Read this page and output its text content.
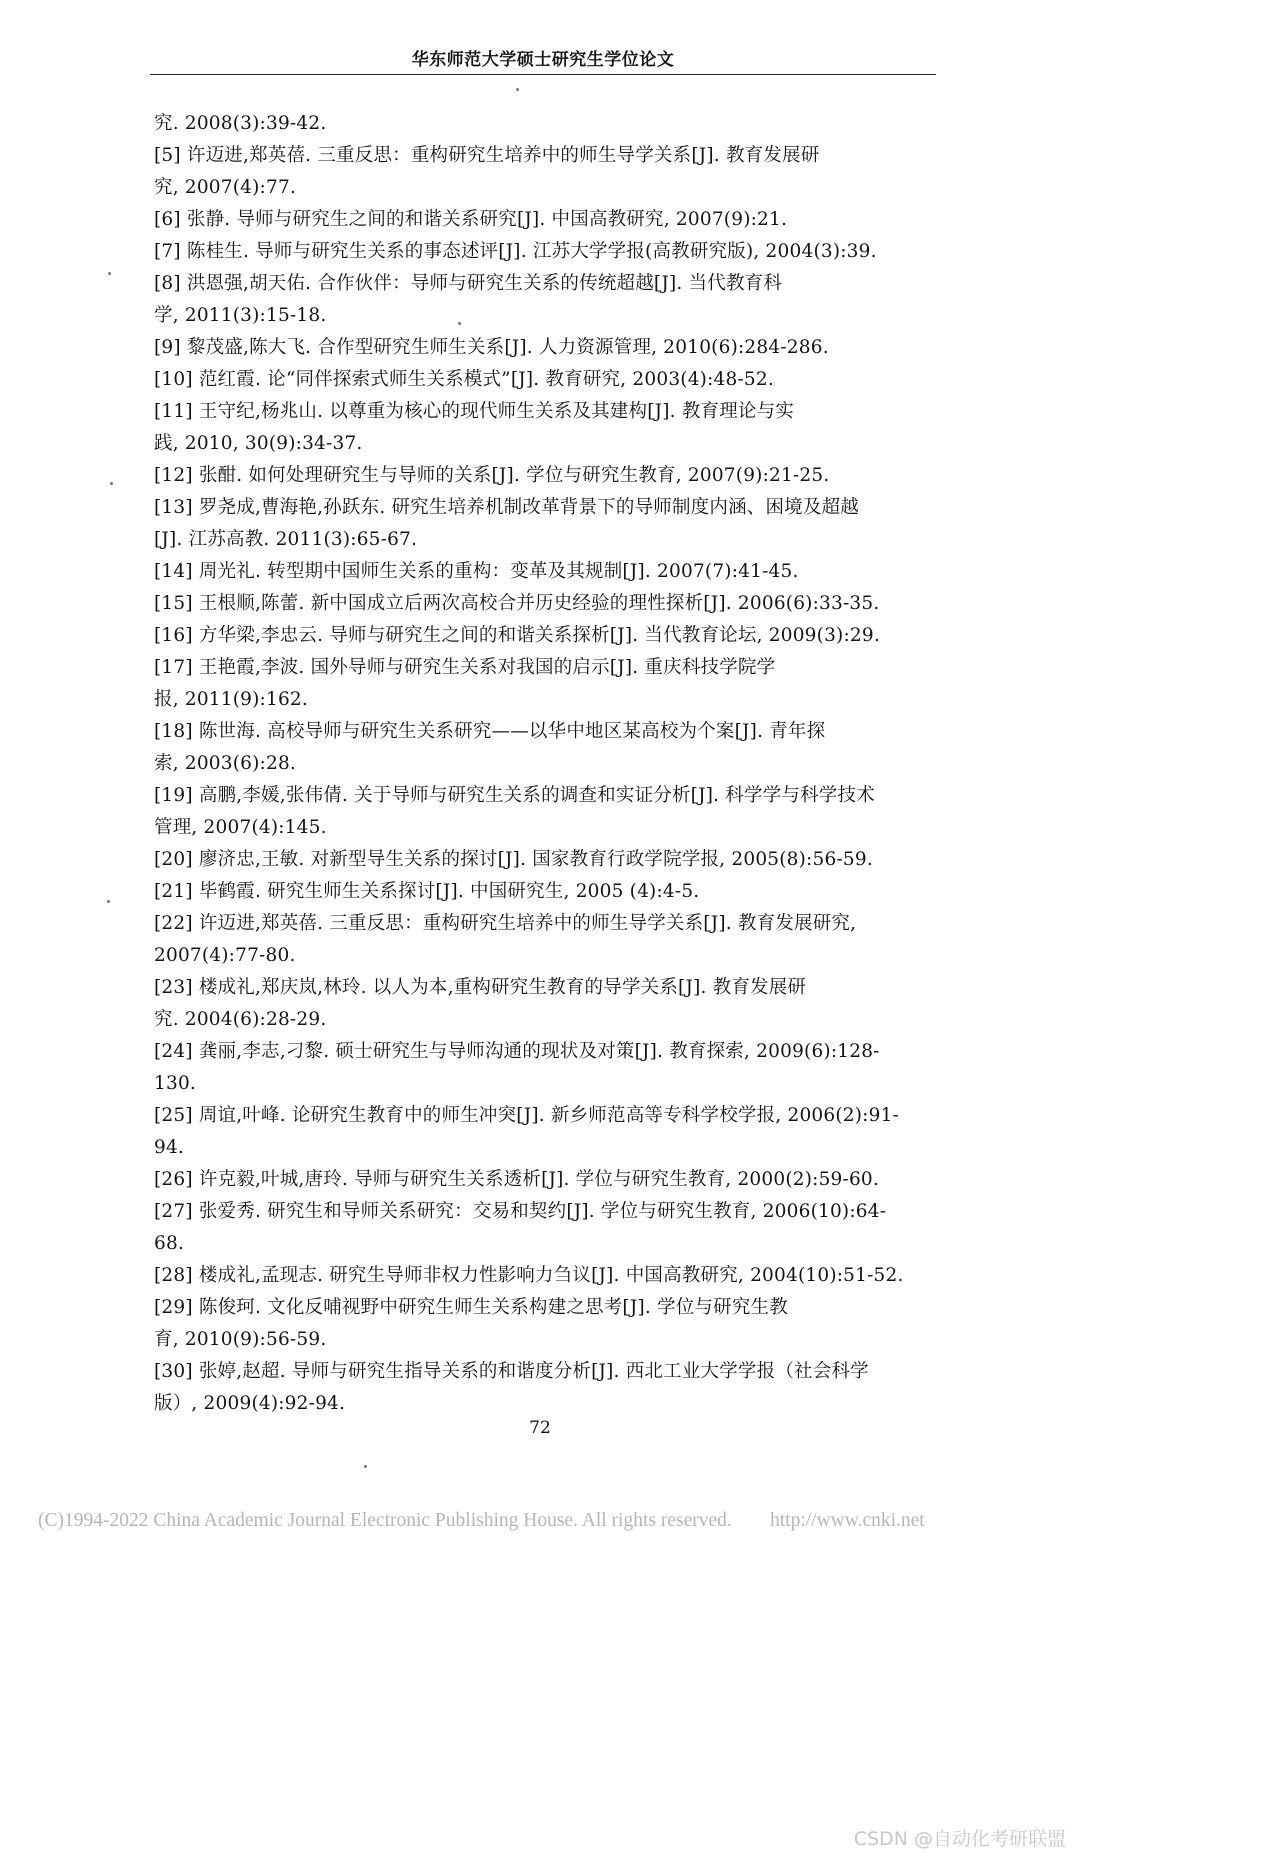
华东师范大学硕士研究生学位论文
究. 2008(3):39-42.
[5] 许迈进,郑英蓓. 三重反思：重构研究生培养中的师生导学关系[J]. 教育发展研
究, 2007(4):77.
[6] 张静. 导师与研究生之间的和谐关系研究[J]. 中国高教研究, 2007(9):21.
[7] 陈桂生. 导师与研究生关系的事态述评[J]. 江苏大学学报(高教研究版), 2004(3):39.
[8] 洪恩强,胡天佑. 合作伙伴：导师与研究生关系的传统超越[J]. 当代教育科
学, 2011(3):15-18.
[9] 黎茂盛,陈大飞. 合作型研究生师生关系[J]. 人力资源管理, 2010(6):284-286.
[10] 范红霞. 论“同伴探索式师生关系模式”[J]. 教育研究, 2003(4):48-52.
[11] 王守纪,杨兆山. 以尊重为核心的现代师生关系及其建构[J]. 教育理论与实
践, 2010, 30(9):34-37.
[12] 张酣. 如何处理研究生与导师的关系[J]. 学位与研究生教育, 2007(9):21-25.
[13] 罗尧成,曹海艳,孙跃东. 研究生培养机制改革背景下的导师制度内涵、困境及超越
[J]. 江苏高教. 2011(3):65-67.
[14] 周光礼. 转型期中国师生关系的重构：变革及其规制[J]. 2007(7):41-45.
[15] 王根顺,陈蕾. 新中国成立后两次高校合并历史经验的理性探析[J]. 2006(6):33-35.
[16] 方华梁,李忠云. 导师与研究生之间的和谐关系探析[J]. 当代教育论坛, 2009(3):29.
[17] 王艳霞,李波. 国外导师与研究生关系对我国的启示[J]. 重庆科技学院学
报, 2011(9):162.
[18] 陈世海. 高校导师与研究生关系研究——以华中地区某高校为个案[J]. 青年探
索, 2003(6):28.
[19] 高鹏,李媛,张伟倩. 关于导师与研究生关系的调查和实证分析[J]. 科学学与科学技术
管理, 2007(4):145.
[20] 廖济忠,王敏. 对新型导生关系的探讨[J]. 国家教育行政学院学报, 2005(8):56-59.
[21] 毕鹤霞. 研究生师生关系探讨[J]. 中国研究生, 2005 (4):4-5.
[22] 许迈进,郑英蓓. 三重反思：重构研究生培养中的师生导学关系[J]. 教育发展研究,
2007(4):77-80.
[23] 楼成礼,郑庆岚,林玲. 以人为本,重构研究生教育的导学关系[J]. 教育发展研
究. 2004(6):28-29.
[24] 龚丽,李志,刁黎. 硕士研究生与导师沟通的现状及对策[J]. 教育探索, 2009(6):128-
130.
[25] 周谊,叶峰. 论研究生教育中的师生冲突[J]. 新乡师范高等专科学校学报, 2006(2):91-
94.
[26] 许克毅,叶城,唐玲. 导师与研究生关系透析[J]. 学位与研究生教育, 2000(2):59-60.
[27] 张爱秀. 研究生和导师关系研究：交易和契约[J]. 学位与研究生教育, 2006(10):64-
68.
[28] 楼成礼,孟现志. 研究生导师非权力性影响力刍议[J]. 中国高教研究, 2004(10):51-52.
[29] 陈俊珂. 文化反哺视野中研究生师生关系构建之思考[J]. 学位与研究生教
育, 2010(9):56-59.
[30] 张婷,赵超. 导师与研究生指导关系的和谐度分析[J]. 西北工业大学学报（社会科学
版）, 2009(4):92-94.
72
(C)1994-2022 China Academic Journal Electronic Publishing House. All rights reserved. http://www.cnki.net
CSDN @自动化考研联盟
